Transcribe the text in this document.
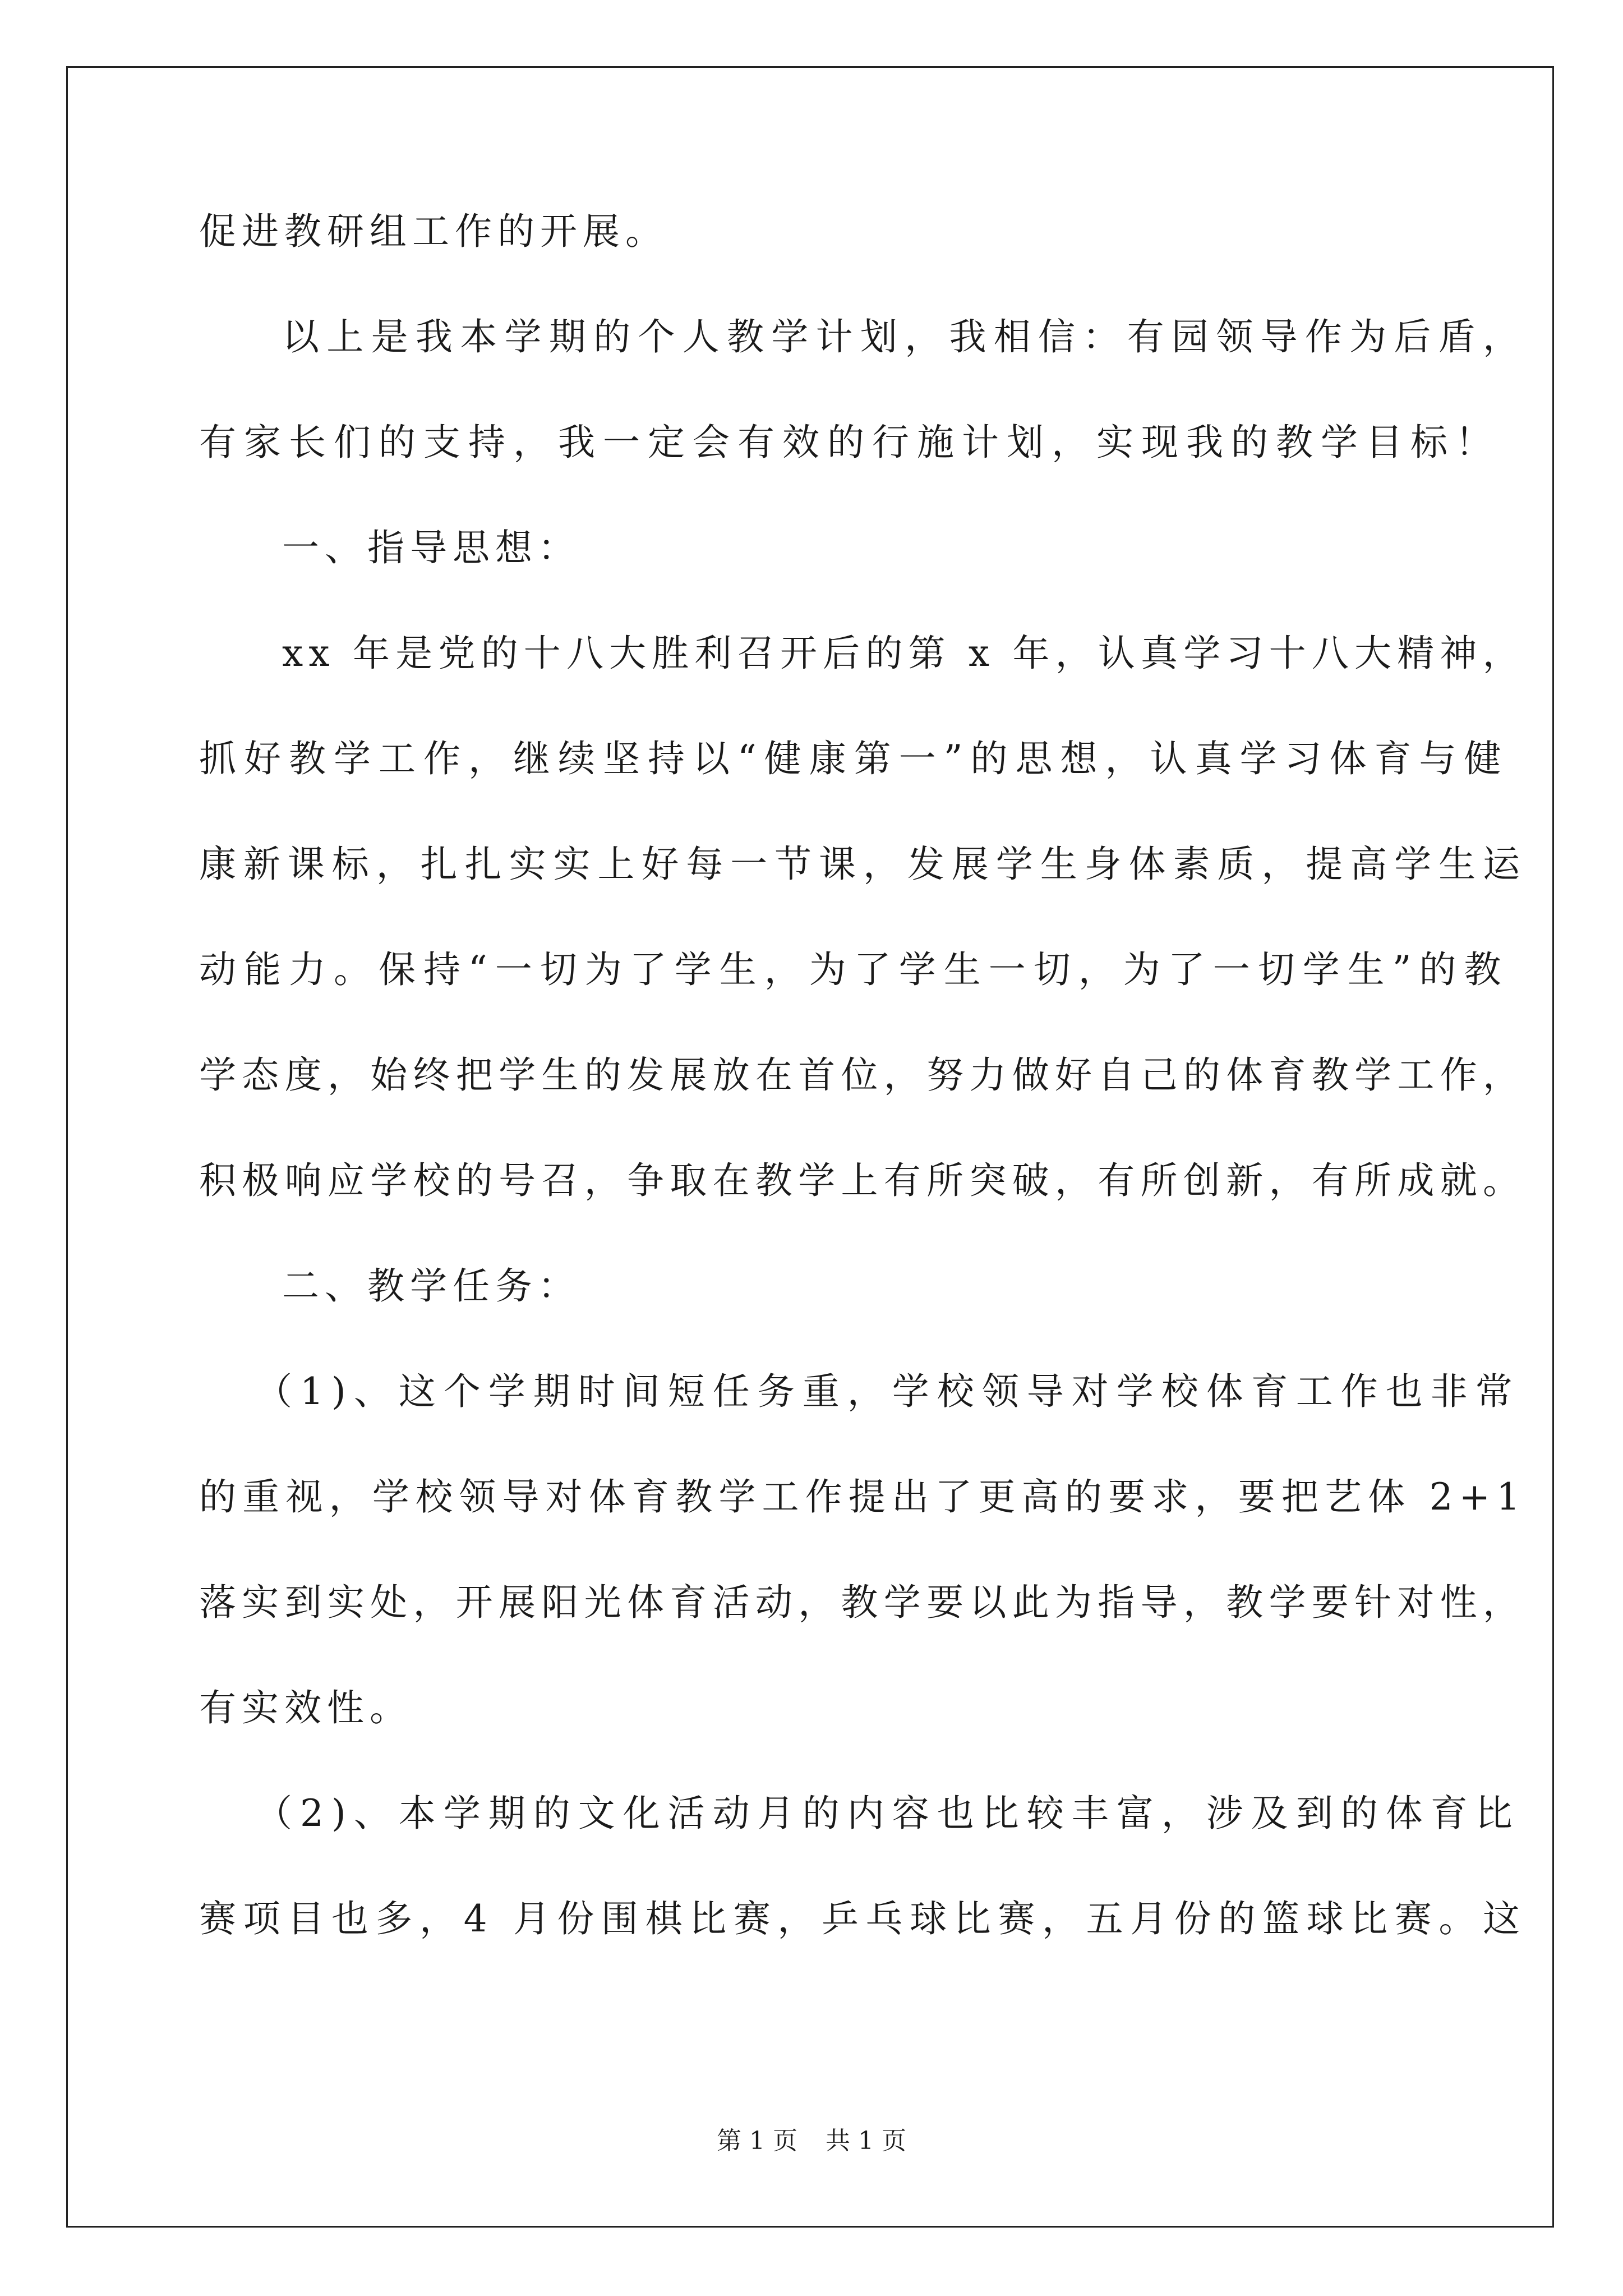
促进教研组工作的开展。
以上是我本学期的个人教学计划，我相信：有园领导作为后盾，
有家长们的支持，我一定会有效的行施计划，实现我的教学目标！
一、指导思想：
xx 年是党的十八大胜利召开后的第 x 年，认真学习十八大精神，
抓好教学工作，继续坚持以“健康第一”的思想，认真学习体育与健
康新课标，扎扎实实上好每一节课，发展学生身体素质，提高学生运
动能力。保持“一切为了学生，为了学生一切，为了一切学生”的教
学态度，始终把学生的发展放在首位，努力做好自己的体育教学工作，
积极响应学校的号召，争取在教学上有所突破，有所创新，有所成就。
二、教学任务：
（1)、这个学期时间短任务重，学校领导对学校体育工作也非常
的重视，学校领导对体育教学工作提出了更高的要求，要把艺体 2+1
落实到实处，开展阳光体育活动，教学要以此为指导，教学要针对性，
有实效性。
（2)、本学期的文化活动月的内容也比较丰富，涉及到的体育比
赛项目也多，4 月份围棋比赛，乒乓球比赛，五月份的篮球比赛。这
第 1 页 共 1 页
